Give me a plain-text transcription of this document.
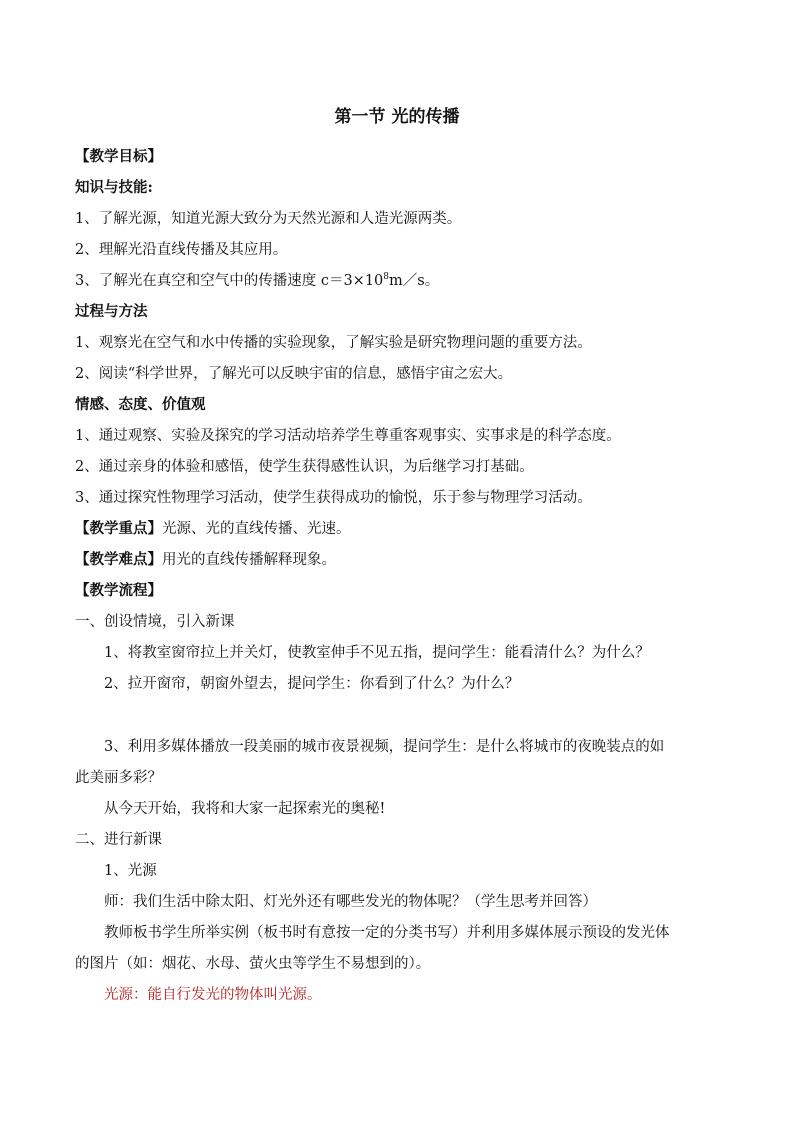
第一节 光的传播
【教学目标】
知识与技能:
1、了解光源，知道光源大致分为天然光源和人造光源两类。
2、理解光沿直线传播及其应用。
3、了解光在真空和空气中的传播速度 $c=3\times 10^8m/s$。
过程与方法
1、观察光在空气和水中传播的实验现象，了解实验是研究物理问题的重要方法。
2、阅读“科学世界，了解光可以反映宇宙的信息，感悟宇宙之宏大。
情感、态度、价值观
1、通过观察、实验及探究的学习活动培养学生尊重客观事实、实事求是的科学态度。
2、通过亲身的体验和感悟，使学生获得感性认识，为后继学习打基础。
3、通过探究性物理学习活动，使学生获得成功的愉悦，乐于参与物理学习活动。
【教学重点】光源、光的直线传播、光速。
【教学难点】用光的直线传播解释现象。
【教学流程】
一、创设情境，引入新课
1、将教室窗帘拉上并关灯，使教室伸手不见五指，提问学生：能看清什么？为什么？
2、拉开窗帘，朝窗外望去，提问学生：你看到了什么？为什么？
3、利用多媒体播放一段美丽的城市夜景视频，提问学生：是什么将城市的夜晚装点的如
此美丽多彩？
从今天开始，我将和大家一起探索光的奥秘!
二、进行新课
1、光源
师：我们生活中除太阳、灯光外还有哪些发光的物体呢？（学生思考并回答）
教师板书学生所举实例（板书时有意按一定的分类书写）并利用多媒体展示预设的发光体
的图片（如：烟花、水母、萤火虫等学生不易想到的）。
光源：能自行发光的物体叫光源。
